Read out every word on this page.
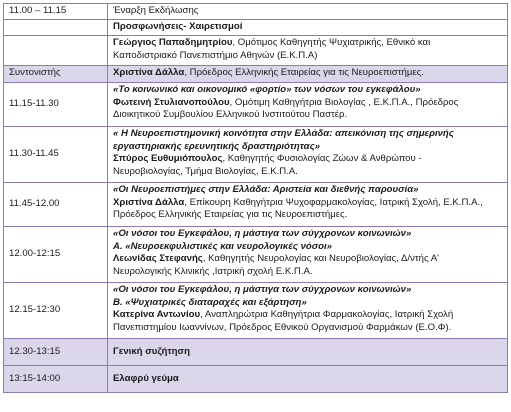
11.00 – 11.15	Έναρξη Εκδήλωσης

	Προσφωνήσεις- Χαιρετισμοί

	Γεώργιος Παπαδημητρίου, Ομότιμος Καθηγητής Ψυχιατρικής, Εθνικό και
Καποδιστριακό Πανεπιστήμιο Αθηνών (Ε.Κ.Π.Α)

Συντονιστής	Χριστίνα Δάλλα, Πρόεδρος Ελληνικής Εταιρείας για τις Νευροεπιστήμες.

11.15-11.30	«Το κοινωνικό και οικονομικό «φορτίο» των νόσων του εγκεφάλου»
Φωτεινή Στυλιανοπούλου, Ομότιμη Καθηγήτρια Βιολογίας , Ε.Κ.Π.Α., Πρόεδρος
Διοικητικού Συμβουλίου Ελληνικού Ινστιτούτου Παστέρ.

11.30-11.45	« Η Νευροεπιστημονική κοινότητα στην Ελλάδα: απεικόνιση της σημερινής
εργαστηριακής ερευνητικής δραστηριότητας»
Σπύρος Ευθυμιόπουλος, Καθηγητής Φυσιολογίας Ζώων & Ανθρώπου -
Νευροβιολογίας, Τμήμα Βιολογίας, Ε.Κ.Π.Α.

11.45-12.00	«Οι Νευροεπιστήμες στην Ελλάδα: Αριστεία και διεθνής παρουσία»
Χριστίνα Δάλλα, Επίκουρη Καθηγήτρια Ψυχοφαρμακολογίας, Ιατρική Σχολή, Ε.Κ.Π.Α.,
Πρόεδρος Ελληνικής Εταιρείας για τις Νευροεπιστήμες.

12.00-12:15	«Οι νόσοι του Εγκεφάλου, η μάστιγα των σύγχρονων κοινωνιών»
Α. «Νευροεκφυλιστικές και νευρολογικές νόσοι»
Λεωνίδας Στεφανής, Καθηγητής Νευρολογίας και Νευροβιολογίας, Δ/ντής Α'
Νευρολογικής Κλινικής ,Ιατρική σχολή Ε.Κ.Π.Α.

12.15-12:30	«Οι νόσοι του Εγκεφάλου, η μάστιγα των σύγχρονων κοινωνιών»
Β. «Ψυχιατρικές διαταραχές και εξάρτηση»
Κατερίνα Αντωνίου, Αναπληρώτρια Καθηγήτρια Φαρμακολογίας, Ιατρική Σχολή
Πανεπιστημίου Ιωαννίνων, Πρόεδρος Εθνικού Οργανισμού Φαρμάκων (Ε.Ο.Φ).

12.30-13:15	Γενική συζήτηση

13:15-14:00	Ελαφρύ γεύμα
